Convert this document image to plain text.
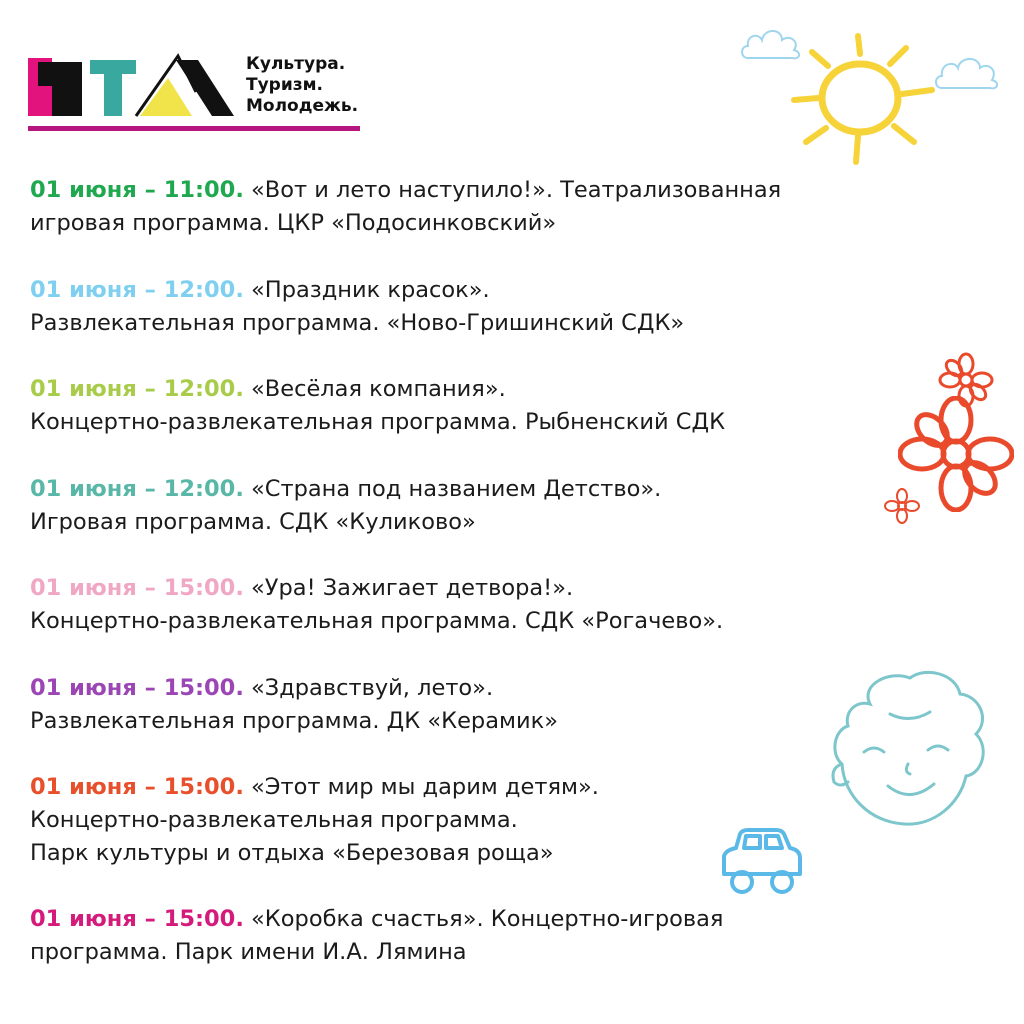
Культура.
Туризм.
Молодежь.
01 июня – 11:00. «Вот и лето наступило!». Театрализованная
игровая программа. ЦКР «Подосинковский»
01 июня – 12:00. «Праздник красок».
Развлекательная программа. «Ново-Гришинский СДК»
01 июня – 12:00. «Весёлая компания».
Концертно-развлекательная программа. Рыбненский СДК
01 июня – 12:00. «Страна под названием Детство».
Игровая программа. СДК «Куликово»
01 июня – 15:00. «Ура! Зажигает детвора!».
Концертно-развлекательная программа. СДК «Рогачево».
01 июня – 15:00. «Здравствуй, лето».
Развлекательная программа. ДК «Керамик»
01 июня – 15:00. «Этот мир мы дарим детям».
Концертно-развлекательная программа.
Парк культуры и отдыха «Березовая роща»
01 июня – 15:00. «Коробка счастья». Концертно-игровая
программа. Парк имени И.А. Лямина
